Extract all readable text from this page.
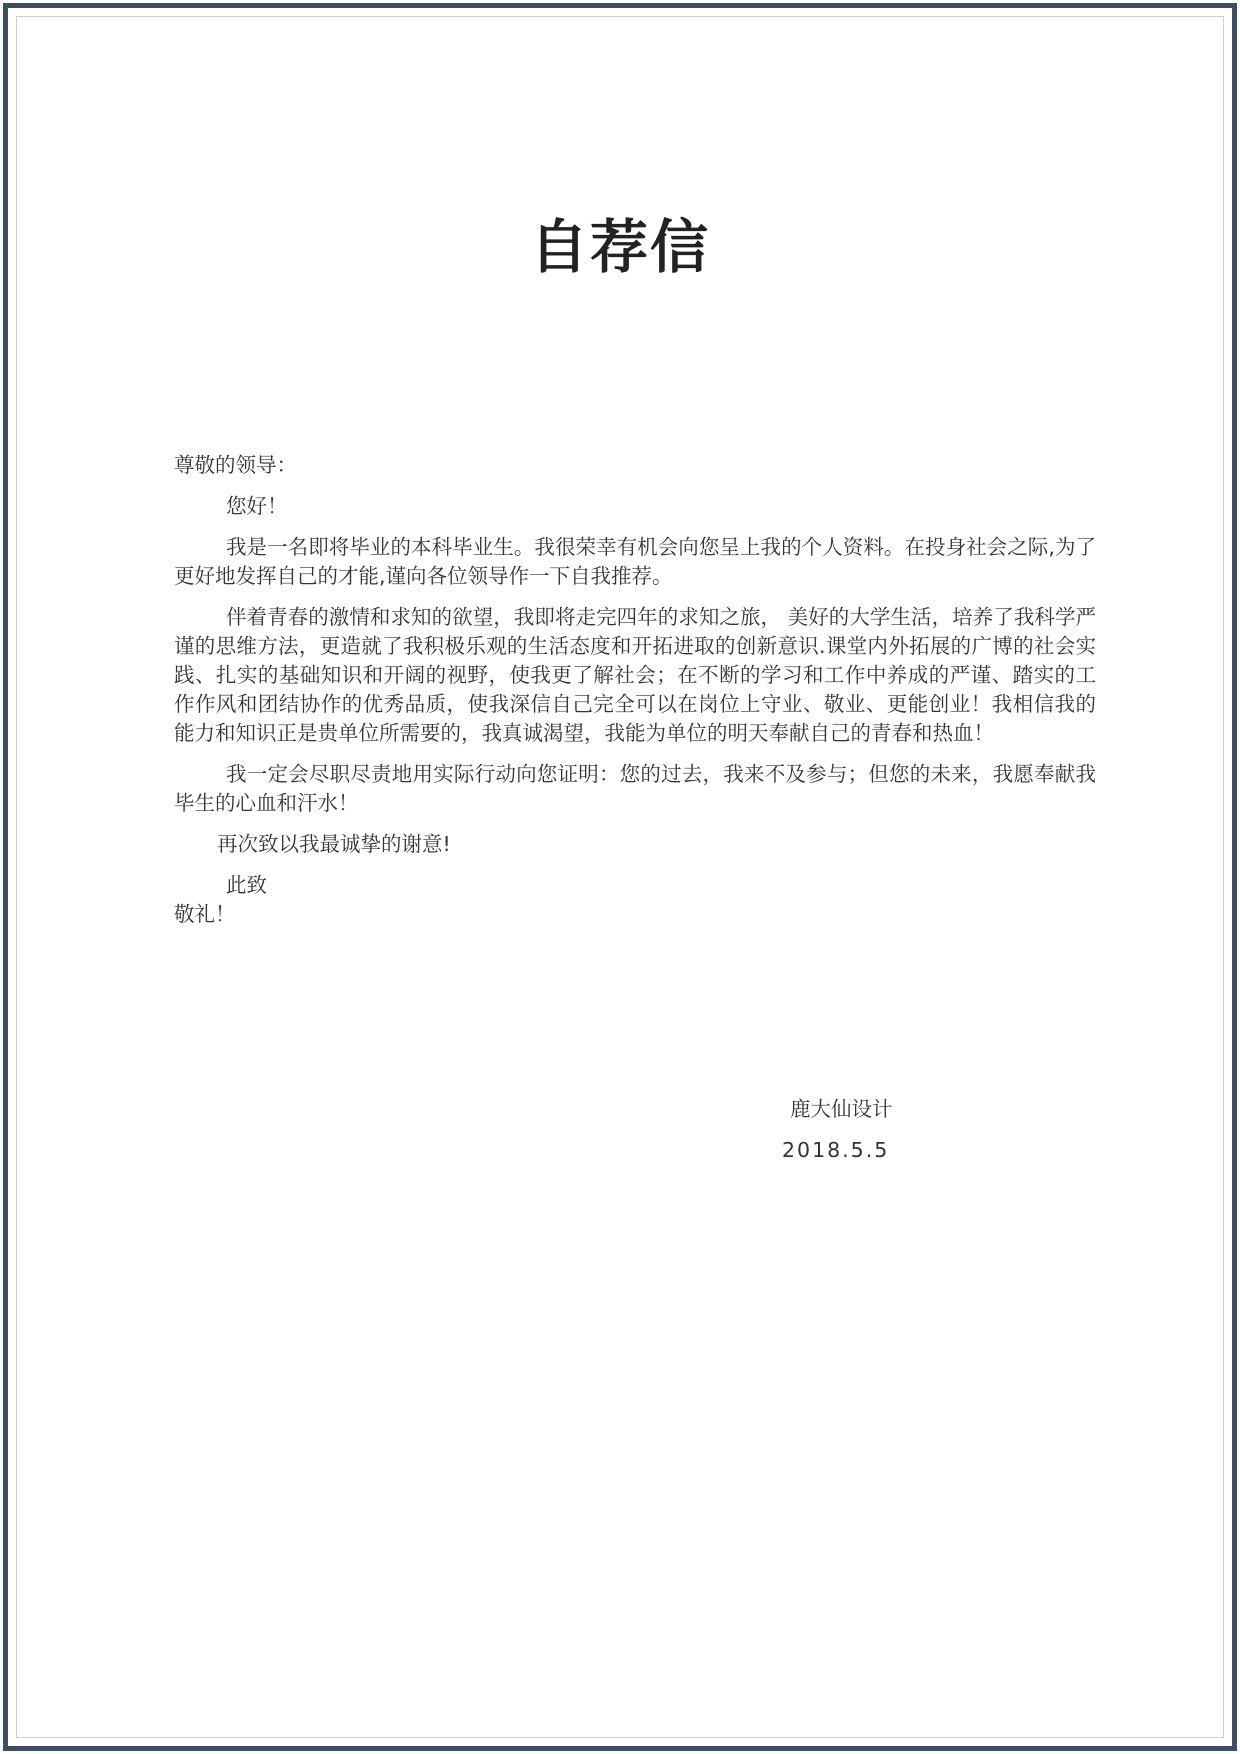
自荐信

尊敬的领导：

您好！

我是一名即将毕业的本科毕业生。我很荣幸有机会向您呈上我的个人资料。在投身社会之际,为了更好地发挥自己的才能,谨向各位领导作一下自我推荐。

伴着青春的激情和求知的欲望，我即将走完四年的求知之旅， 美好的大学生活，培养了我科学严谨的思维方法，更造就了我积极乐观的生活态度和开拓进取的创新意识.课堂内外拓展的广博的社会实践、扎实的基础知识和开阔的视野，使我更了解社会；在不断的学习和工作中养成的严谨、踏实的工作作风和团结协作的优秀品质，使我深信自己完全可以在岗位上守业、敬业、更能创业！我相信我的能力和知识正是贵单位所需要的，我真诚渴望，我能为单位的明天奉献自己的青春和热血！

我一定会尽职尽责地用实际行动向您证明：您的过去，我来不及参与；但您的未来，我愿奉献我毕生的心血和汗水！

再次致以我最诚挚的谢意!

此致

敬礼！

鹿大仙设计
2018.5.5
